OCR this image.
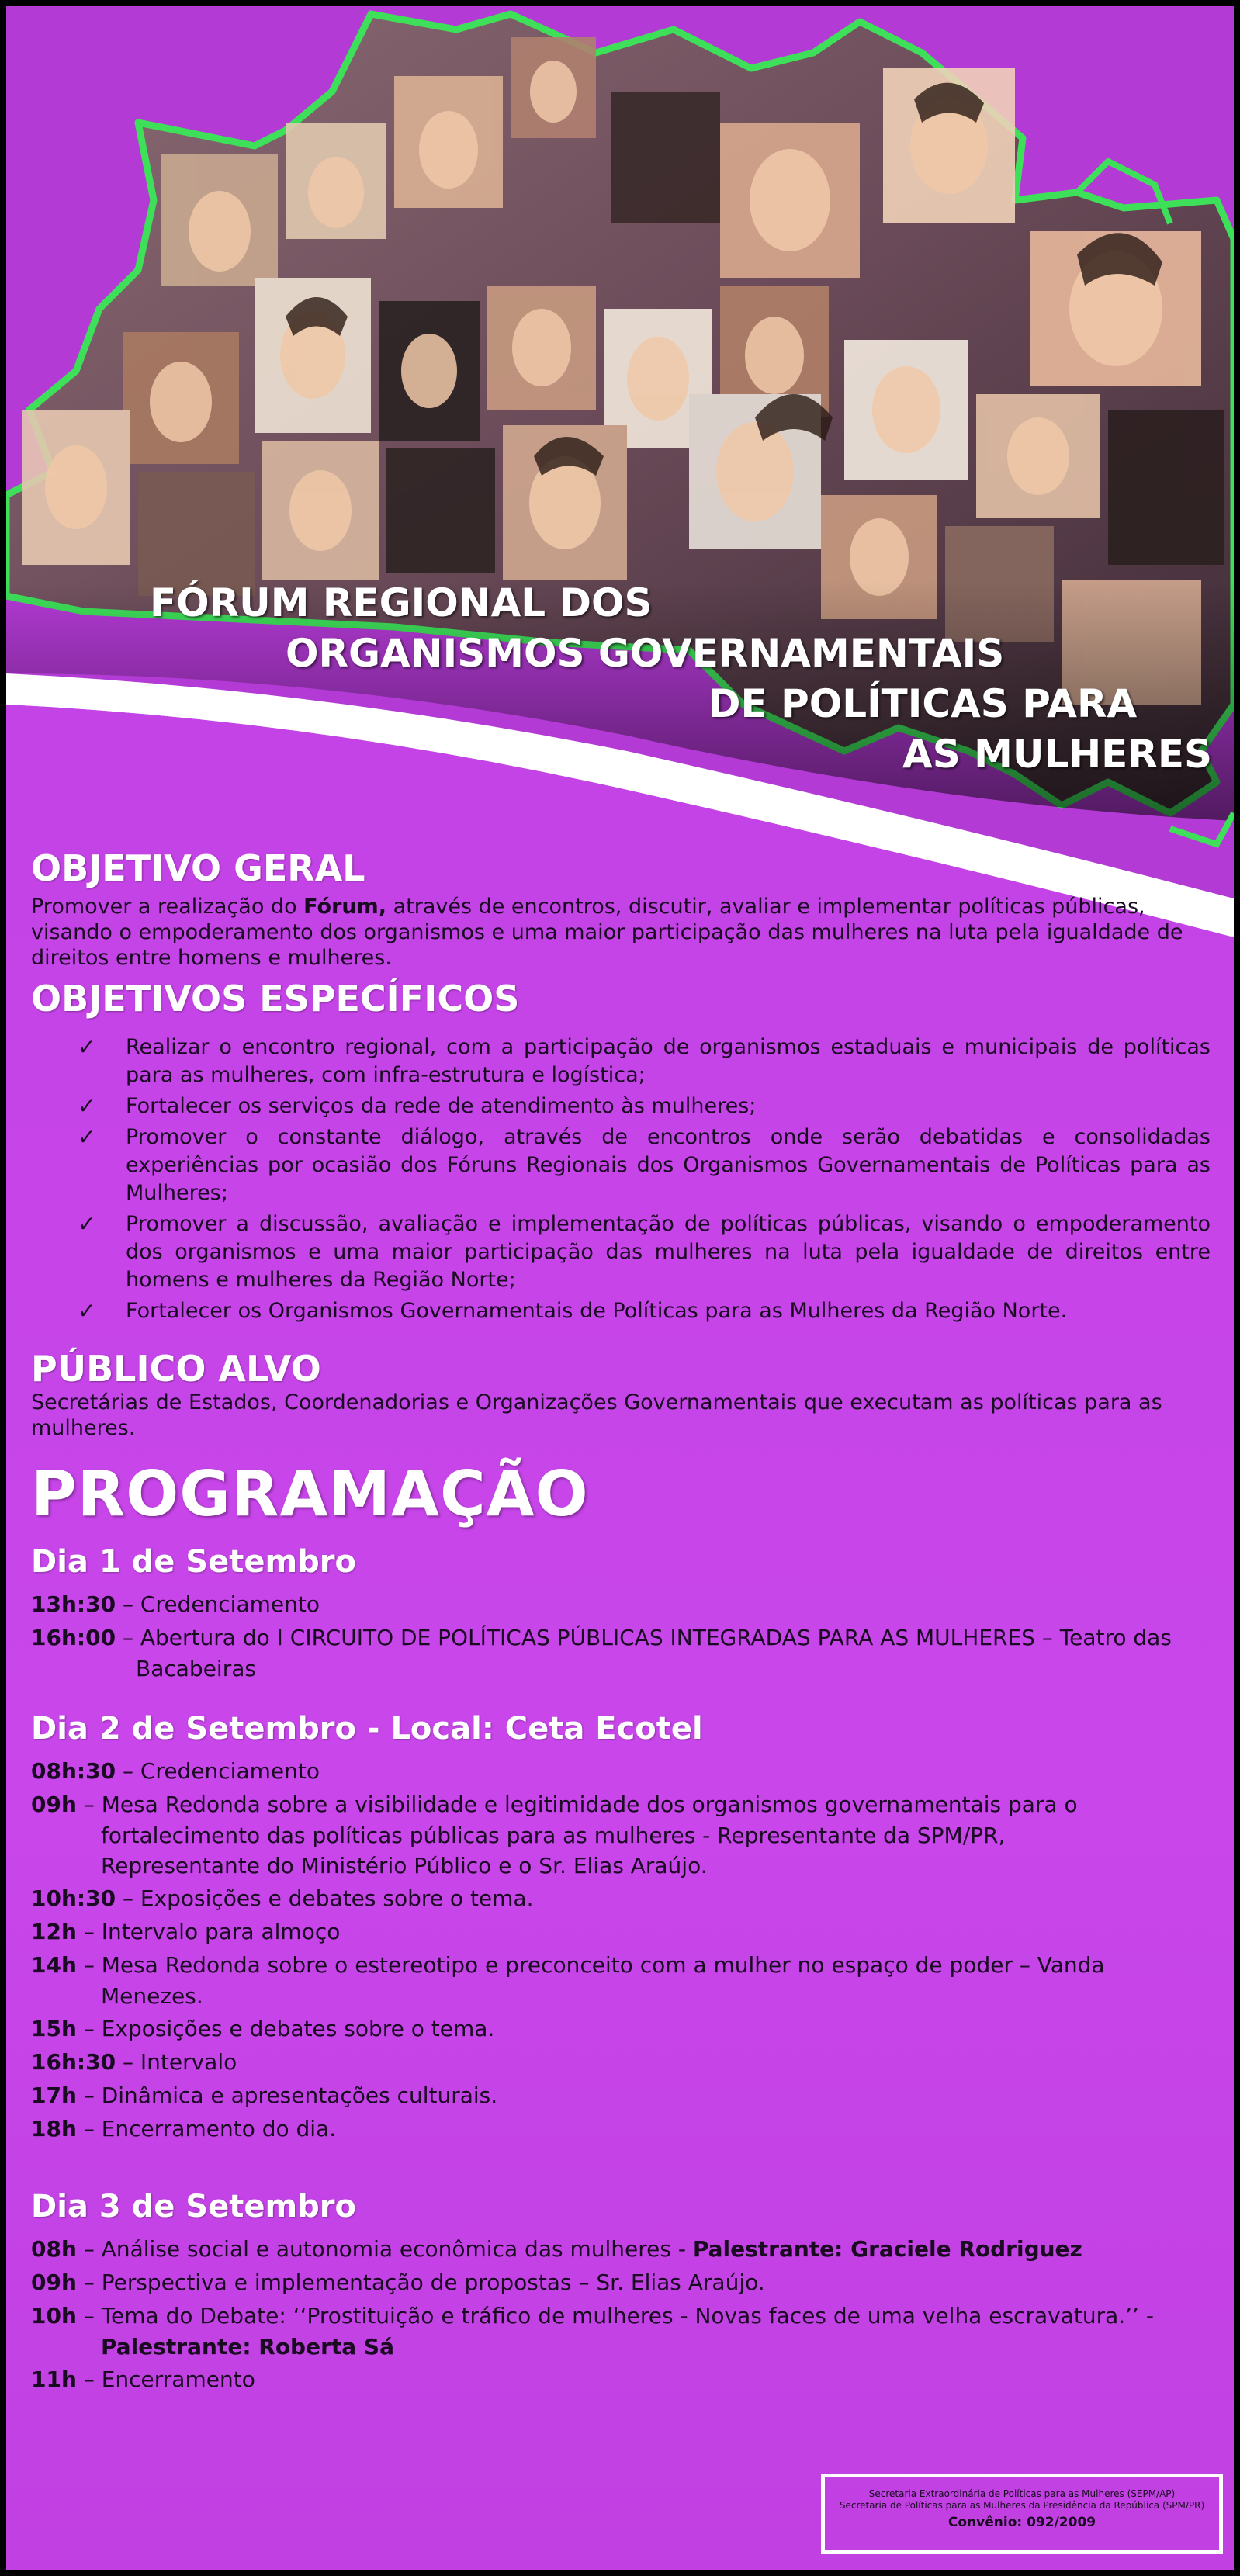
FÓRUM REGIONAL DOS
ORGANISMOS GOVERNAMENTAIS
DE POLÍTICAS PARA
AS MULHERES
OBJETIVO GERAL

Promover a realização do Fórum, através de encontros, discutir, avaliar e implementar políticas públicas, visando o empoderamento dos organismos e uma maior participação das mulheres na luta pela igualdade de direitos entre homens e mulheres.

OBJETIVOS ESPECÍFICOS
✓ Realizar o encontro regional, com a participação de organismos estaduais e municipais de políticas para as mulheres, com infra-estrutura e logística;
✓ Fortalecer os serviços da rede de atendimento às mulheres;
✓ Promover o constante diálogo, através de encontros onde serão debatidas e consolidadas experiências por ocasião dos Fóruns Regionais dos Organismos Governamentais de Políticas para as Mulheres;
✓ Promover a discussão, avaliação e implementação de políticas públicas, visando o empoderamento dos organismos e uma maior participação das mulheres na luta pela igualdade de direitos entre homens e mulheres da Região Norte;
✓ Fortalecer os Organismos Governamentais de Políticas para as Mulheres da Região Norte.
PÚBLICO ALVO

Secretárias de Estados, Coordenadorias e Organizações Governamentais que executam as políticas para as mulheres.

PROGRAMAÇÃO
Dia 1 de Setembro
13h:30 – Credenciamento
16h:00 – Abertura do I CIRCUITO DE POLÍTICAS PÚBLICAS INTEGRADAS PARA AS MULHERES – Teatro das
Bacabeiras
Dia 2 de Setembro - Local: Ceta Ecotel
08h:30 – Credenciamento
09h – Mesa Redonda sobre a visibilidade e legitimidade dos organismos governamentais para o
fortalecimento das políticas públicas para as mulheres - Representante da SPM/PR,
Representante do Ministério Público e o Sr. Elias Araújo.
10h:30 – Exposições e debates sobre o tema.
12h – Intervalo para almoço
14h – Mesa Redonda sobre o estereotipo e preconceito com a mulher no espaço de poder – Vanda
Menezes.
15h – Exposições e debates sobre o tema.
16h:30 – Intervalo
17h – Dinâmica e apresentações culturais.
18h – Encerramento do dia.
Dia 3 de Setembro
08h – Análise social e autonomia econômica das mulheres - Palestrante: Graciele Rodriguez
09h – Perspectiva e implementação de propostas – Sr. Elias Araújo.
10h – Tema do Debate: ‘‘Prostituição e tráfico de mulheres - Novas faces de uma velha escravatura.’’ -
Palestrante: Roberta Sá
11h – Encerramento
Secretaria Extraordinária de Políticas para as Mulheres (SEPM/AP)
Secretaria de Políticas para as Mulheres da Presidência da República (SPM/PR)
Convênio: 092/2009
